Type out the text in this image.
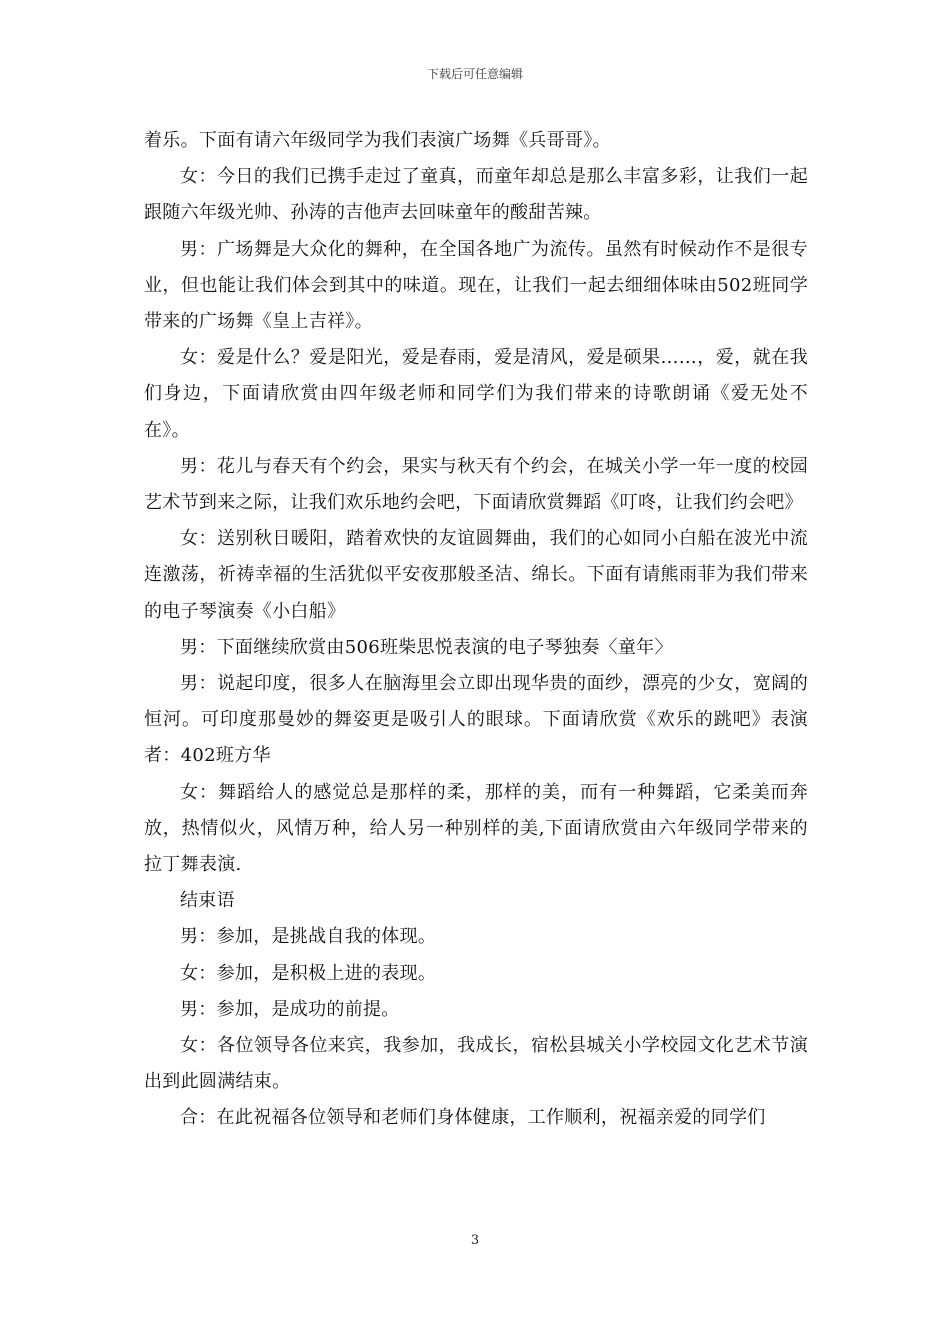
下载后可任意编辑

着乐。下面有请六年级同学为我们表演广场舞《兵哥哥》。

女：今日的我们已携手走过了童真，而童年却总是那么丰富多彩，让我们一起跟随六年级光帅、孙涛的吉他声去回味童年的酸甜苦辣。

男：广场舞是大众化的舞种，在全国各地广为流传。虽然有时候动作不是很专业，但也能让我们体会到其中的味道。现在，让我们一起去细细体味由502班同学带来的广场舞《皇上吉祥》。

女：爱是什么？爱是阳光，爱是春雨，爱是清风，爱是硕果……，爱，就在我们身边，下面请欣赏由四年级老师和同学们为我们带来的诗歌朗诵《爱无处不在》。

男：花儿与春天有个约会，果实与秋天有个约会，在城关小学一年一度的校园艺术节到来之际，让我们欢乐地约会吧，下面请欣赏舞蹈《叮咚，让我们约会吧》

女：送别秋日暖阳，踏着欢快的友谊圆舞曲，我们的心如同小白船在波光中流连激荡，祈祷幸福的生活犹似平安夜那般圣洁、绵长。下面有请熊雨菲为我们带来的电子琴演奏《小白船》

男：下面继续欣赏由506班柴思悦表演的电子琴独奏〈童年〉

男：说起印度，很多人在脑海里会立即出现华贵的面纱，漂亮的少女，宽阔的恒河。可印度那曼妙的舞姿更是吸引人的眼球。下面请欣赏《欢乐的跳吧》表演者：402班方华

女：舞蹈给人的感觉总是那样的柔，那样的美，而有一种舞蹈，它柔美而奔放，热情似火，风情万种，给人另一种别样的美,下面请欣赏由六年级同学带来的拉丁舞表演.

结束语

男：参加，是挑战自我的体现。

女：参加，是积极上进的表现。

男：参加，是成功的前提。

女：各位领导各位来宾，我参加，我成长，宿松县城关小学校园文化艺术节演出到此圆满结束。

合：在此祝福各位领导和老师们身体健康，工作顺利，祝福亲爱的同学们

3
